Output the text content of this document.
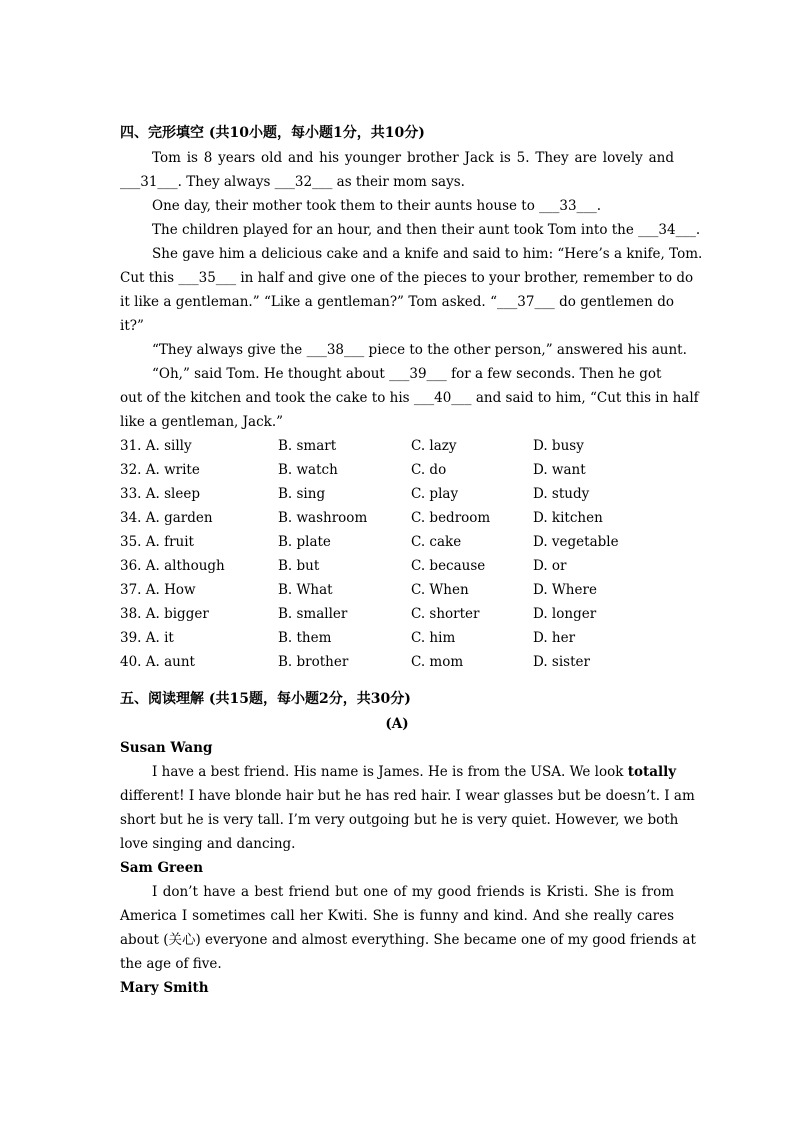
四、完形填空 (共10小题，每小题1分，共10分)
Tom is 8 years old and his younger brother Jack is 5. They are lovely and
___31___. They always ___32___ as their mom says.
One day, their mother took them to their aunts house to ___33___.
The children played for an hour, and then their aunt took Tom into the ___34___.
She gave him a delicious cake and a knife and said to him: “Here’s a knife, Tom.
Cut this ___35___ in half and give one of the pieces to your brother, remember to do
it like a gentleman.” “Like a gentleman?” Tom asked. “___37___ do gentlemen do
it?”
“They always give the ___38___ piece to the other person,” answered his aunt.
“Oh,” said Tom. He thought about ___39___ for a few seconds. Then he got
out of the kitchen and took the cake to his ___40___ and said to him, “Cut this in half
like a gentleman, Jack.”
31. A. silly	B. smart	C. lazy	D. busy
32. A. write	B. watch	C. do	D. want
33. A. sleep	B. sing	C. play	D. study
34. A. garden	B. washroom	C. bedroom	D. kitchen
35. A. fruit	B. plate	C. cake	D. vegetable
36. A. although	B. but	C. because	D. or
37. A. How	B. What	C. When	D. Where
38. A. bigger	B. smaller	C. shorter	D. longer
39. A. it	B. them	C. him	D. her
40. A. aunt	B. brother	C. mom	D. sister
五、阅读理解 (共15题，每小题2分，共30分)
(A)
Susan Wang
I have a best friend. His name is James. He is from the USA. We look totally
different! I have blonde hair but he has red hair. I wear glasses but be doesn’t. I am
short but he is very tall. I’m very outgoing but he is very quiet. However, we both
love singing and dancing.
Sam Green
I don’t have a best friend but one of my good friends is Kristi. She is from
America I sometimes call her Kwiti. She is funny and kind. And she really cares
about (关心) everyone and almost everything. She became one of my good friends at
the age of five.
Mary Smith
